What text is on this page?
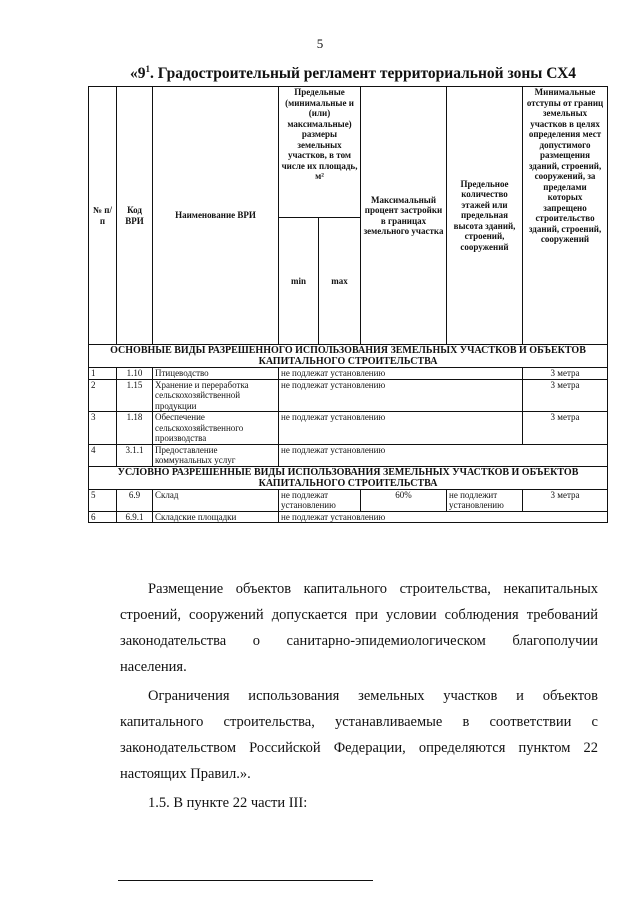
5
«$9^1$. Градостроительный регламент территориальной зоны СХ4
№ п/п	Код ВРИ	Наименование ВРИ	Предельные (минимальные и (или) максимальные) размеры земельных участков, в том числе их площадь, м²		Максимальный процент застройки в границах земельного участка	Предельное количество этажей или предельная высота зданий, строений, сооружений	Минимальные отступы от границ земельных участков в целях определения мест допустимого размещения зданий, строений, сооружений, за пределами которых запрещено строительство зданий, строений, сооружений
			min	max			
ОСНОВНЫЕ ВИДЫ РАЗРЕШЕННОГО ИСПОЛЬЗОВАНИЯ ЗЕМЕЛЬНЫХ УЧАСТКОВ И ОБЪЕКТОВ КАПИТАЛЬНОГО СТРОИТЕЛЬСТВА							
1	1.10	Птицеводство	не подлежат установлению				3 метра
2	1.15	Хранение и переработка сельскохозяйственной продукции	не подлежат установлению				3 метра
3	1.18	Обеспечение сельскохозяйственного производства	не подлежат установлению				3 метра
4	3.1.1	Предоставление коммунальных услуг	не подлежат установлению				
УСЛОВНО РАЗРЕШЕННЫЕ ВИДЫ ИСПОЛЬЗОВАНИЯ ЗЕМЕЛЬНЫХ УЧАСТКОВ И ОБЪЕКТОВ КАПИТАЛЬНОГО СТРОИТЕЛЬСТВА							
5	6.9	Склад	не подлежат установлению		60%	не подлежит установлению	3 метра
6	6.9.1	Складские площадки	не подлежат установлению				

Размещение объектов капитального строительства, некапитальных строений, сооружений допускается при условии соблюдения требований законодательства о санитарно-эпидемиологическом благополучии населения.

Ограничения использования земельных участков и объектов капитального строительства, устанавливаемые в соответствии с законодательством Российской Федерации, определяются пунктом 22 настоящих Правил.».

1.5. В пункте 22 части III:
